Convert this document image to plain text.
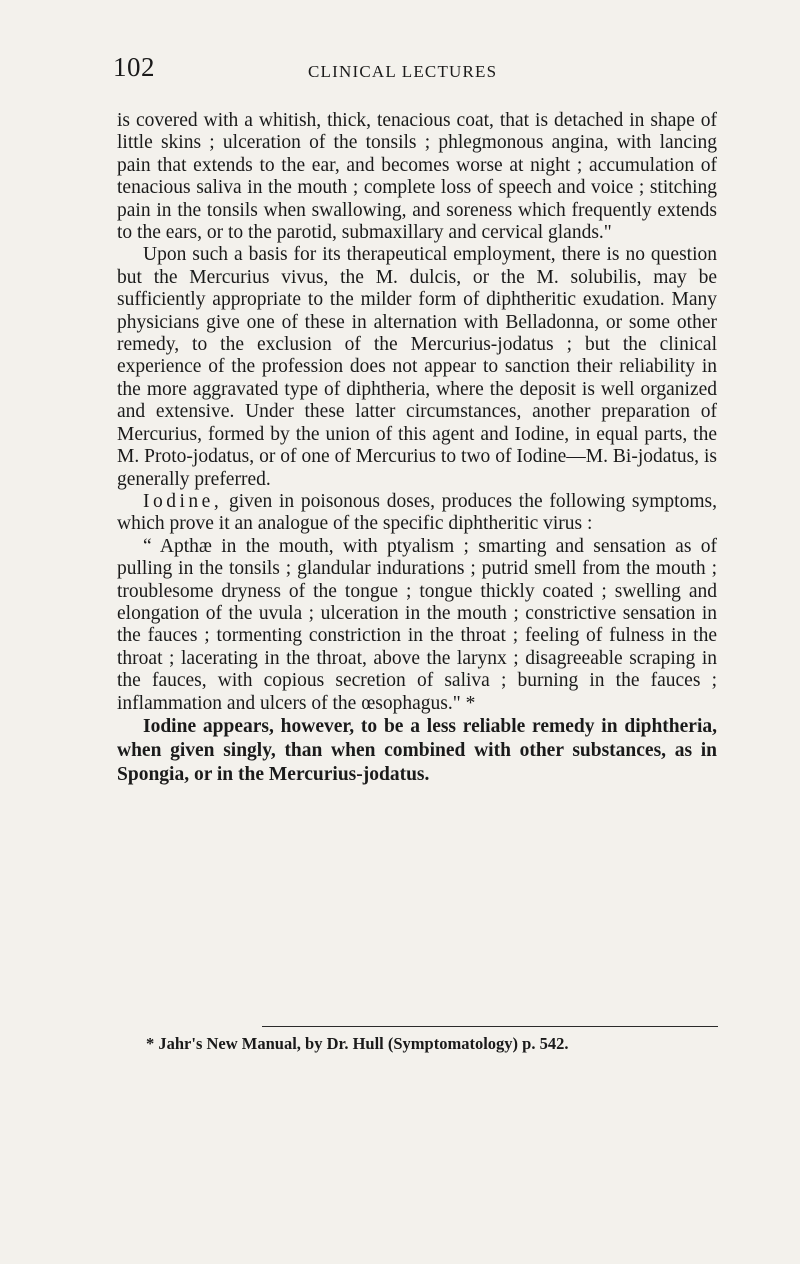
102	CLINICAL LECTURES

is covered with a whitish, thick, tenacious coat, that is detached in shape of little skins ; ulceration of the tonsils ; phlegmonous angina, with lancing pain that extends to the ear, and becomes worse at night ; accumulation of tenacious saliva in the mouth ; complete loss of speech and voice ; stitching pain in the tonsils when swallowing, and soreness which frequently extends to the ears, or to the parotid, submaxillary and cervical glands."

Upon such a basis for its therapeutical employment, there is no question but the Mercurius vivus, the M. dulcis, or the M. solubilis, may be sufficiently appropriate to the milder form of diphtheritic exudation. Many physicians give one of these in alternation with Belladonna, or some other remedy, to the exclusion of the Mercurius-jodatus ; but the clinical experience of the profession does not appear to sanction their reliability in the more aggravated type of diphtheria, where the deposit is well organized and extensive. Under these latter circumstances, another preparation of Mercurius, formed by the union of this agent and Iodine, in equal parts, the M. Proto-jodatus, or of one of Mercurius to two of Iodine—M. Bi-jodatus, is generally preferred.

Iodine, given in poisonous doses, produces the following symptoms, which prove it an analogue of the specific diphtheritic virus :

“ Apthæ in the mouth, with ptyalism ; smarting and sensation as of pulling in the tonsils ; glandular indurations ; putrid smell from the mouth ; troublesome dryness of the tongue ; tongue thickly coated ; swelling and elongation of the uvula ; ulceration in the mouth ; constrictive sensation in the fauces ; tormenting constriction in the throat ; feeling of fulness in the throat ; lacerating in the throat, above the larynx ; disagreeable scraping in the fauces, with copious secretion of saliva ; burning in the fauces ; inflammation and ulcers of the œsophagus." *

Iodine appears, however, to be a less reliable remedy in diphtheria, when given singly, than when combined with other substances, as in Spongia, or in the Mercurius-jodatus.

* Jahr's New Manual, by Dr. Hull (Symptomatology) p. 542.
